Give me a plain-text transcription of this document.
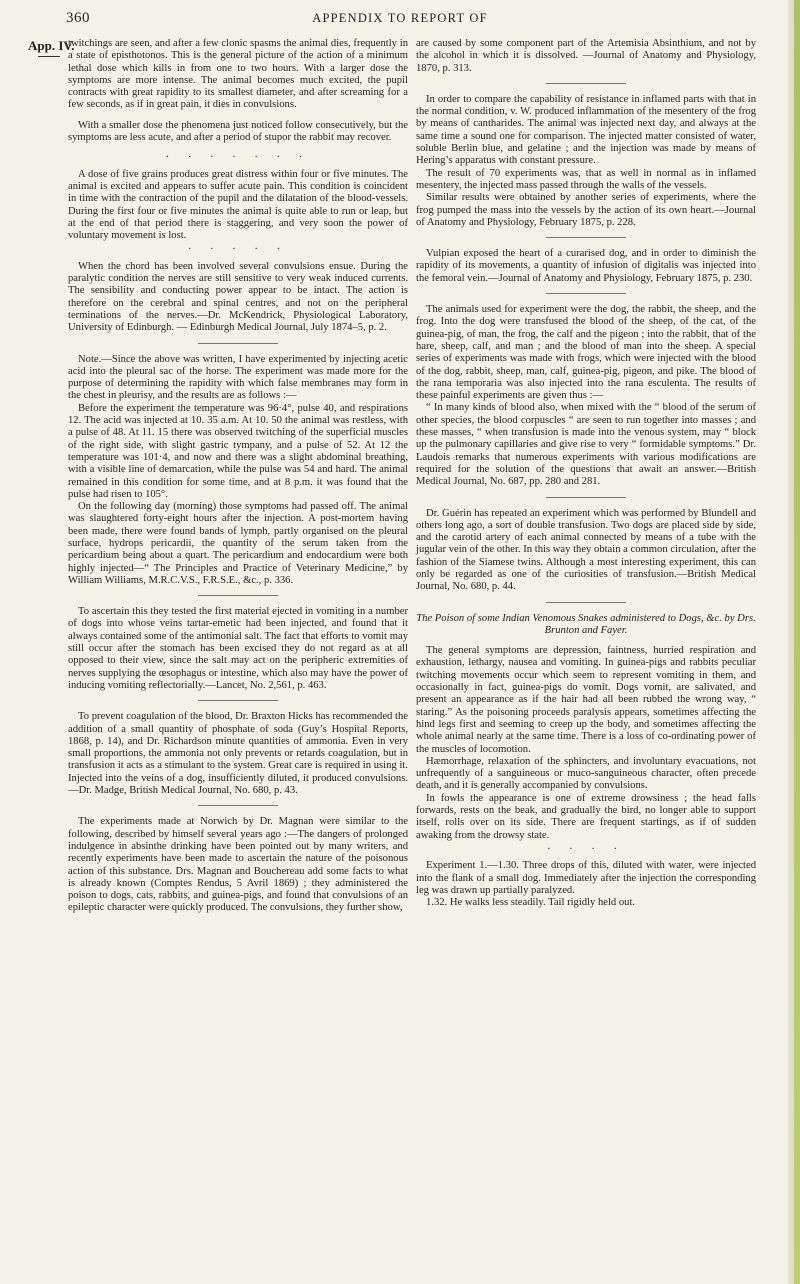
360	APPENDIX TO REPORT OF
App. IV.

twitchings are seen, and after a few clonic spasms the animal dies, frequently in a state of episthotonos. This is the general picture of the action of a minimum lethal dose which kills in from one to two hours. With a larger dose the symptoms are more intense. The animal becomes much excited, the pupil contracts with great rapidity to its smallest diameter, and after screaming for a few seconds, as if in great pain, it dies in convulsions.

With a smaller dose the phenomena just noticed follow consecutively, but the symptoms are less acute, and after a period of stupor the rabbit may recover.

· · · · · · ·

A dose of five grains produces great distress within four or five minutes. The animal is excited and appears to suffer acute pain. This condition is coincident in time with the contraction of the pupil and the dilatation of the blood-vessels. During the first four or five minutes the animal is quite able to run or leap, but at the end of that period there is staggering, and very soon the power of voluntary movement is lost.

· · · · ·

When the chord has been involved several convulsions ensue. During the paralytic condition the nerves are still sensitive to very weak induced currents. The sensibility and conducting power appear to be intact. The action is therefore on the cerebral and spinal centres, and not on the peripheral terminations of the nerves.—Dr. McKendrick, Physiological Laboratory, University of Edinburgh. — Edinburgh Medical Journal, July 1874–5, p. 2.

Note.—Since the above was written, I have experimented by injecting acetic acid into the pleural sac of the horse. The experiment was made more for the purpose of determining the rapidity with which false membranes may form in the chest in pleurisy, and the results are as follows :—

Before the experiment the temperature was 96·4°, pulse 40, and respirations 12. The acid was injected at 10. 35 a.m. At 10. 50 the animal was restless, with a pulse of 48. At 11. 15 there was observed twitching of the superficial muscles of the right side, with slight gastric tympany, and a pulse of 52. At 12 the temperature was 101·4, and now and there was a slight abdominal breathing, with a visible line of demarcation, while the pulse was 54 and hard. The animal remained in this condition for some time, and at 8 p.m. it was found that the pulse had risen to 105°.

On the following day (morning) those symptoms had passed off. The animal was slaughtered forty-eight hours after the injection. A post-mortem having been made, there were found bands of lymph, partly organised on the pleural surface, hydrops pericardii, the quantity of the serum taken from the pericardium being about a quart. The pericardium and endocardium were both highly injected—“ The Principles and Practice of Veterinary Medicine,” by William Williams, M.R.C.V.S., F.R.S.E., &c., p. 336.

To ascertain this they tested the first material ejected in vomiting in a number of dogs into whose veins tartar-emetic had been injected, and found that it always contained some of the antimonial salt. The fact that efforts to vomit may still occur after the stomach has been excised they do not regard as at all opposed to their view, since the salt may act on the peripheric extremities of nerves supplying the œsophagus or intestine, which also may have the power of inducing vomiting reflectorially.—Lancet, No. 2,561, p. 463.

To prevent coagulation of the blood, Dr. Braxton Hicks has recommended the addition of a small quantity of phosphate of soda (Guy’s Hospital Reports, 1868, p. 14), and Dr. Richardson minute quantities of ammonia. Even in very small proportions, the ammonia not only prevents or retards coagulation, but in transfusion it acts as a stimulant to the system. Great care is required in using it. Injected into the veins of a dog, insufficiently diluted, it produced convulsions.—Dr. Madge, British Medical Journal, No. 680, p. 43.

The experiments made at Norwich by Dr. Magnan were similar to the following, described by himself several years ago :—The dangers of prolonged indulgence in absinthe drinking have been pointed out by many writers, and recently experiments have been made to ascertain the nature of the poisonous action of this substance. Drs. Magnan and Bouchereau add some facts to what is already known (Comptes Rendus, 5 Avril 1869) ; they administered the poison to dogs, cats, rabbits, and guinea-pigs, and found that convulsions of an epileptic character were quickly produced. The convulsions, they further show,

are caused by some component part of the Artemisia Absinthium, and not by the alcohol in which it is dissolved. —Journal of Anatomy and Physiology, 1870, p. 313.

In order to compare the capability of resistance in inflamed parts with that in the normal condition, v. W. produced inflammation of the mesentery of the frog by means of cantharides. The animal was injected next day, and always at the same time a sound one for comparison. The injected matter consisted of water, soluble Berlin blue, and gelatine ; and the injection was made by means of Hering’s apparatus with constant pressure.

The result of 70 experiments was, that as well in normal as in inflamed mesentery, the injected mass passed through the walls of the vessels.

Similar results were obtained by another series of experiments, where the frog pumped the mass into the vessels by the action of its own heart.—Journal of Anatomy and Physiology, February 1875, p. 228.

Vulpian exposed the heart of a curarised dog, and in order to diminish the rapidity of its movements, a quantity of infusion of digitalis was injected into the femoral vein.—Journal of Anatomy and Physiology, February 1875, p. 230.

The animals used for experiment were the dog, the rabbit, the sheep, and the frog. Into the dog were transfused the blood of the sheep, of the cat, of the guinea-pig, of man, the frog, the calf and the pigeon ; into the rabbit, that of the hare, sheep, calf, and man ; and the blood of man into the sheep. A special series of experiments was made with frogs, which were injected with the blood of the dog, rabbit, sheep, man, calf, guinea-pig, pigeon, and pike. The blood of the rana temporaria was also injected into the rana esculenta. The results of these painful experiments are given thus :—

“ In many kinds of blood also, when mixed with the “ blood of the serum of other species, the blood corpuscles “ are seen to run together into masses ; and these masses, “ when transfusion is made into the venous system, may “ block up the pulmonary capillaries and give rise to very “ formidable symptoms.” Dr. Laudois remarks that numerous experiments with various modifications are required for the solution of the questions that await an answer.—British Medical Journal, No. 687, pp. 280 and 281.

Dr. Guérin has repeated an experiment which was performed by Blundell and others long ago, a sort of double transfusion. Two dogs are placed side by side, and the carotid artery of each animal connected by means of a tube with the jugular vein of the other. In this way they obtain a common circulation, after the fashion of the Siamese twins. Although a most interesting experiment, this can only be regarded as one of the curiosities of transfusion.—British Medical Journal, No. 680, p. 44.

The Poison of some Indian Venomous Snakes administered to Dogs, &c. by Drs. Brunton and Fayer.

The general symptoms are depression, faintness, hurried respiration and exhaustion, lethargy, nausea and vomiting. In guinea-pigs and rabbits peculiar twitching movements occur which seem to represent vomiting in them, and occasionally in fact, guinea-pigs do vomit. Dogs vomit, are salivated, and present an appearance as if the hair had all been rubbed the wrong way, “ staring.” As the poisoning proceeds paralysis appears, sometimes affecting the hind legs first and seeming to creep up the body, and sometimes affecting the whole animal nearly at the same time. There is a loss of co-ordinating power of the muscles of locomotion.

Hæmorrhage, relaxation of the sphincters, and involuntary evacuations, not unfrequently of a sanguineous or muco-sanguineous character, often precede death, and it is generally accompanied by convulsions.

In fowls the appearance is one of extreme drowsiness ; the head falls forwards, rests on the beak, and gradually the bird, no longer able to support itself, rolls over on its side. There are frequent startings, as if of sudden awaking from the drowsy state.

· · · ·

Experiment 1.—1.30. Three drops of this, diluted with water, were injected into the flank of a small dog. Immediately after the injection the corresponding leg was drawn up partially paralyzed.

1.32. He walks less steadily. Tail rigidly held out.
